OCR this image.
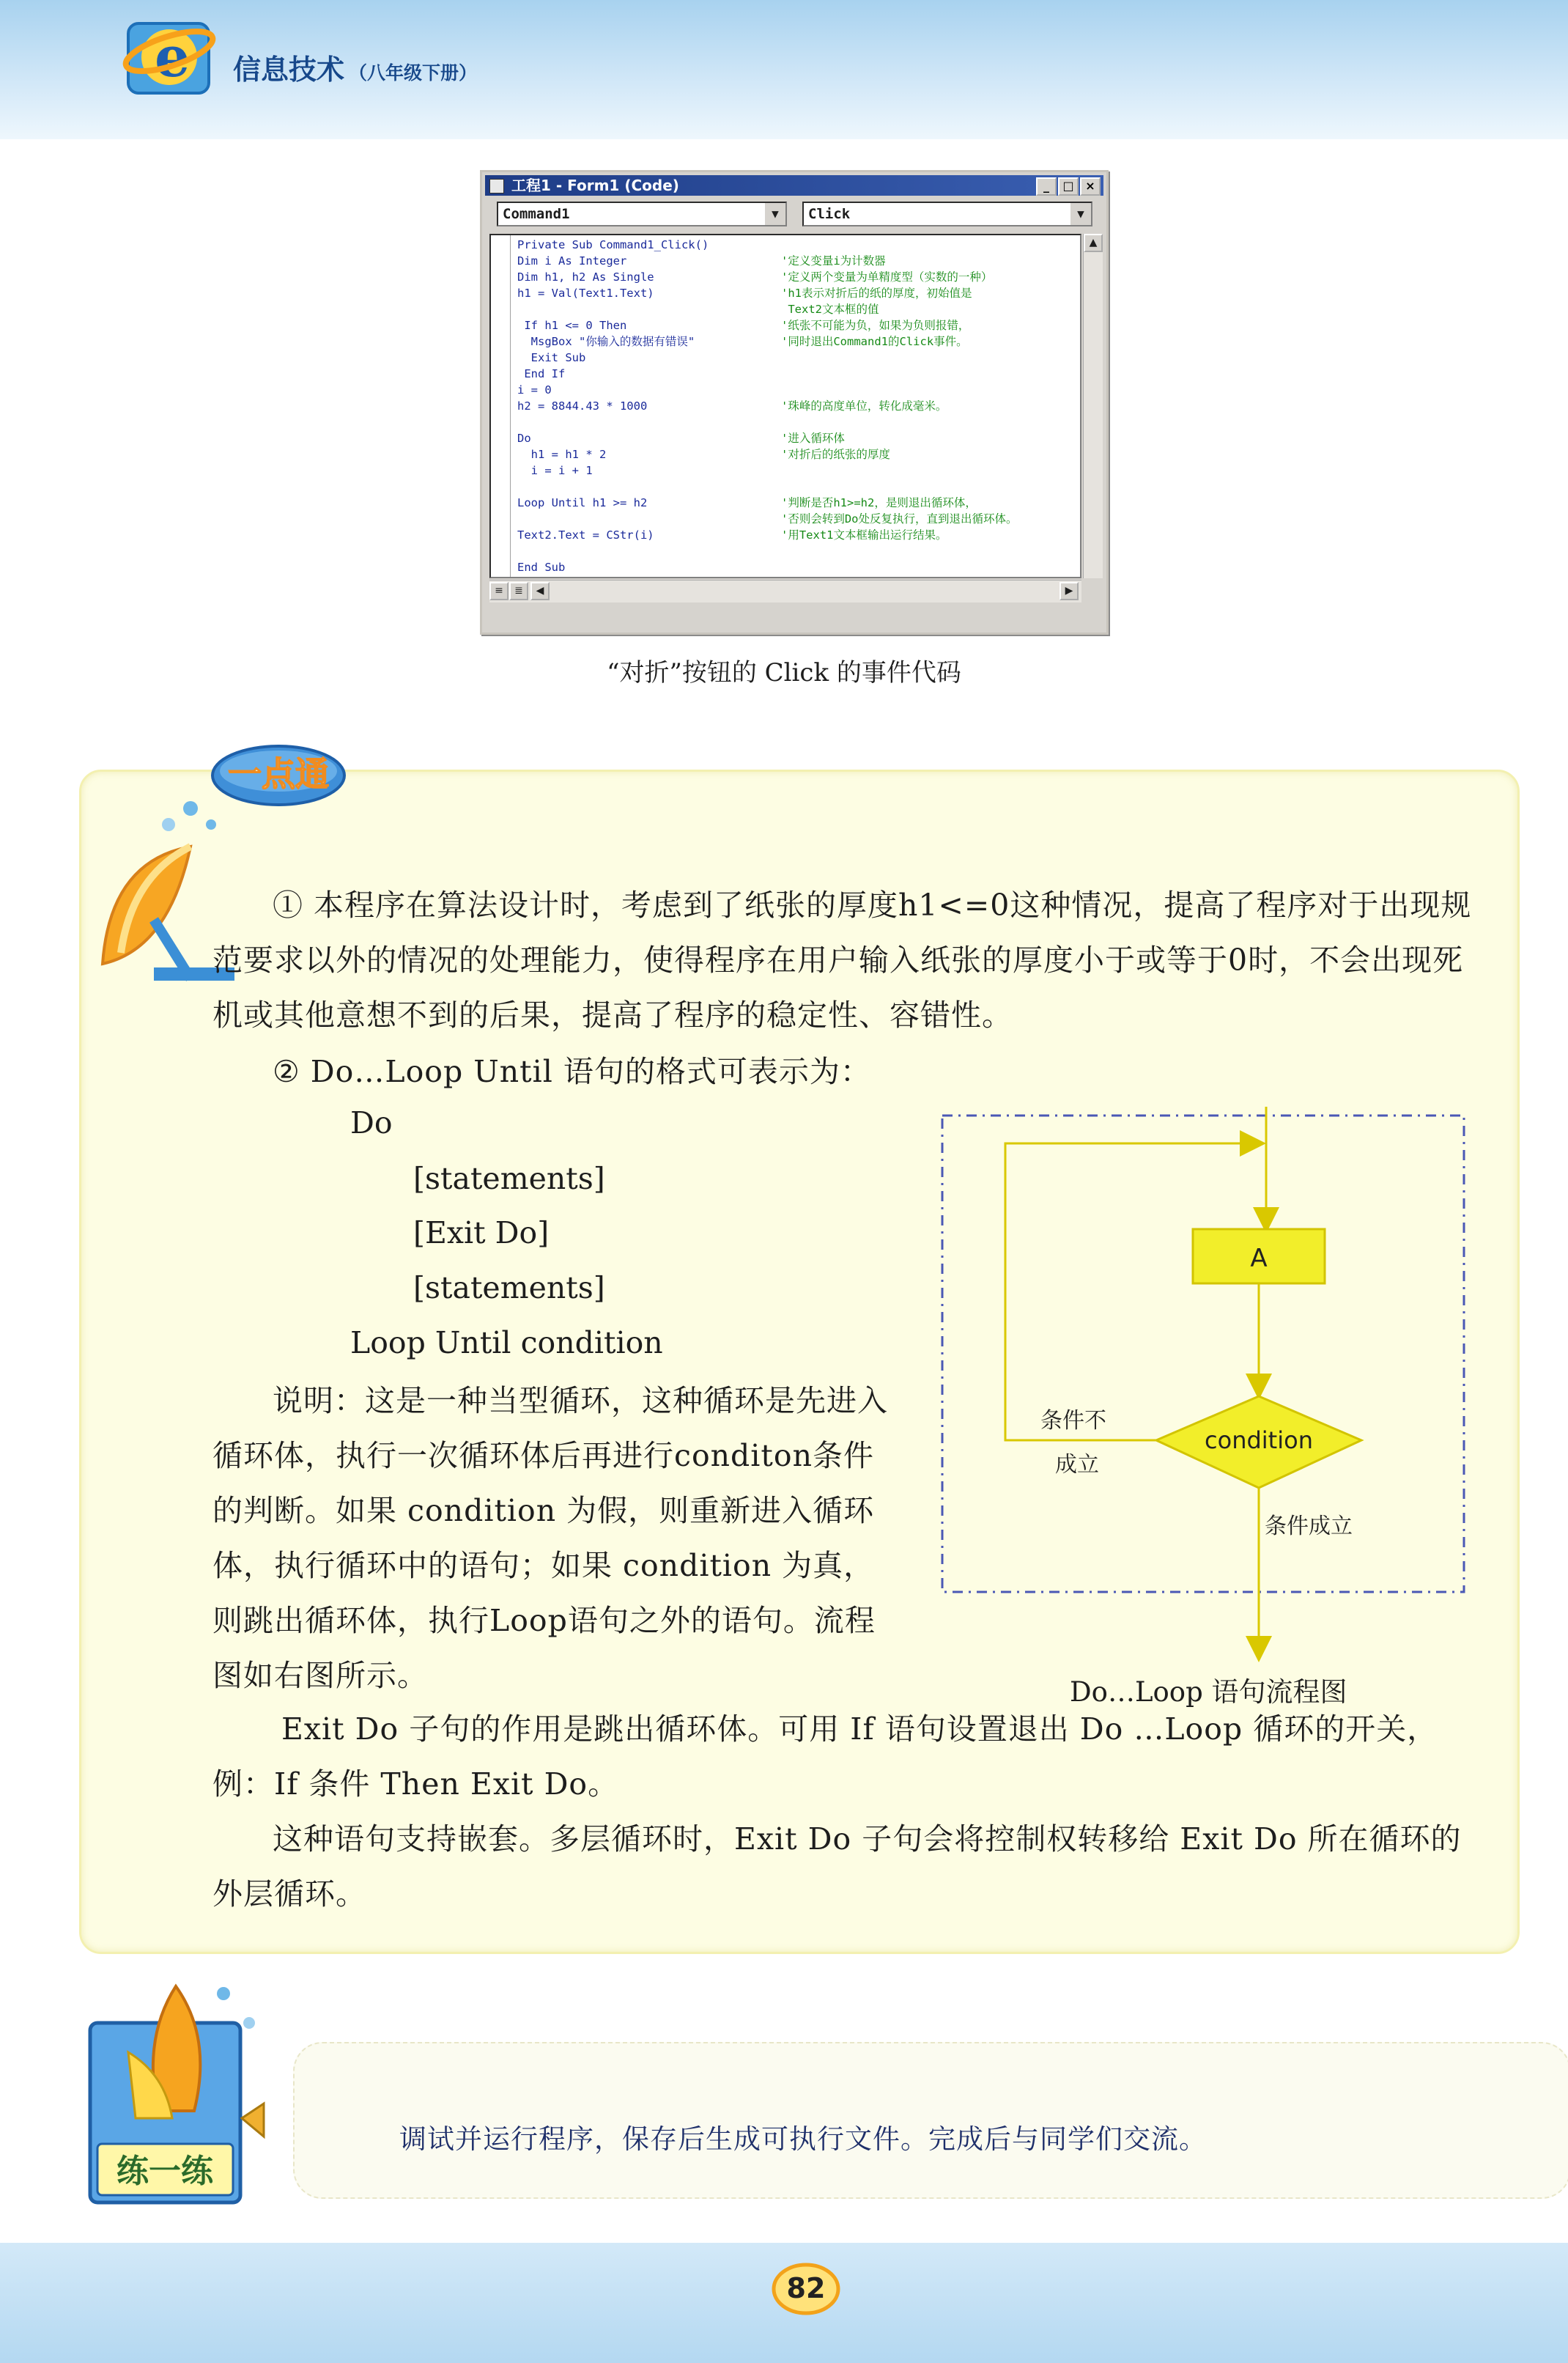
e 信息技术 （八年级下册）
工程1 - Form1 (Code)	_	□ ×
Command1	▼	Click	▼
Private Sub Command1_Click()
Dim i As Integer	'定义变量i为计数器
Dim h1, h2 As Single	'定义两个变量为单精度型（实数的一种）
h1 = Val(Text1.Text)	'h1表示对折后的纸的厚度，初始值是
Text2文本框的值
If h1 <= 0 Then	'纸张不可能为负，如果为负则报错，
MsgBox "你输入的数据有错误"	'同时退出Command1的Click事件。
Exit Sub
End If
i = 0
h2 = 8844.43 * 1000	'珠峰的高度单位，转化成毫米。
Do	'进入循环体
h1 = h1 * 2	'对折后的纸张的厚度
i = i + 1
Loop Until h1 >= h2	'判断是否h1>=h2，是则退出循环体，
'否则会转到Do处反复执行，直到退出循环体。
Text2.Text = CStr(i)	'用Text1文本框输出运行结果。
End Sub
▲
≡	≣	◀	▶
“对折”按钮的 Click 的事件代码
一点通
① 本程序在算法设计时，考虑到了纸张的厚度h1<=0这种情况，提高了程序对于出现规范要求以外的情况的处理能力，使得程序在用户输入纸张的厚度小于或等于0时，不会出现死机或其他意想不到的后果，提高了程序的稳定性、容错性。
② Do…Loop Until 语句的格式可表示为：
Do
[statements]
[Exit Do]
[statements]
Loop Until condition
说明：这是一种当型循环，这种循环是先进入循环体，执行一次循环体后再进行conditon条件的判断。如果 condition 为假，则重新进入循环体，执行循环中的语句；如果 condition 为真，则跳出循环体，执行Loop语句之外的语句。流程图如右图所示。
Exit Do 子句的作用是跳出循环体。可用 If 语句设置退出 Do …Loop 循环的开关，例：If 条件 Then Exit Do。
这种语句支持嵌套。多层循环时，Exit Do 子句会将控制权转移给 Exit Do 所在循环的外层循环。
A
condition
条件不
成立
条件成立
Do…Loop 语句流程图
练一练
调试并运行程序，保存后生成可执行文件。完成后与同学们交流。
82
